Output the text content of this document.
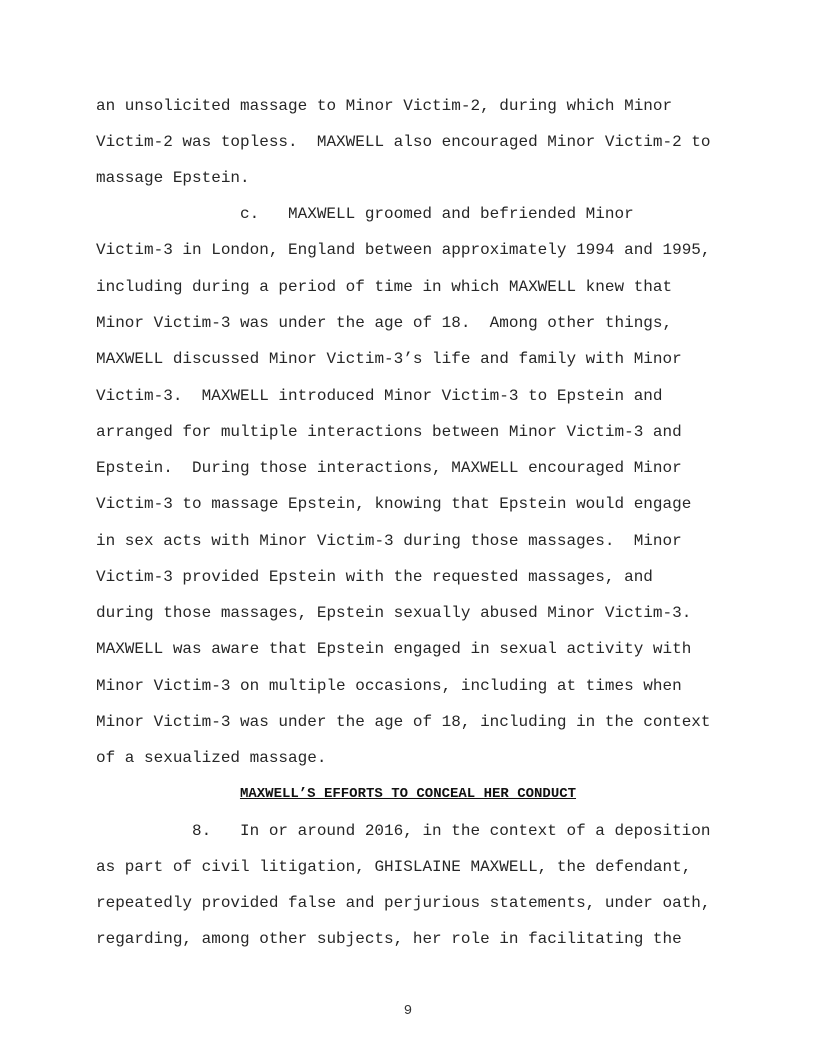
an unsolicited massage to Minor Victim-2, during which Minor
Victim-2 was topless.  MAXWELL also encouraged Minor Victim-2 to
massage Epstein.
c.   MAXWELL groomed and befriended Minor
Victim-3 in London, England between approximately 1994 and 1995,
including during a period of time in which MAXWELL knew that
Minor Victim-3 was under the age of 18.  Among other things,
MAXWELL discussed Minor Victim-3’s life and family with Minor
Victim-3.  MAXWELL introduced Minor Victim-3 to Epstein and
arranged for multiple interactions between Minor Victim-3 and
Epstein.  During those interactions, MAXWELL encouraged Minor
Victim-3 to massage Epstein, knowing that Epstein would engage
in sex acts with Minor Victim-3 during those massages.  Minor
Victim-3 provided Epstein with the requested massages, and
during those massages, Epstein sexually abused Minor Victim-3.
MAXWELL was aware that Epstein engaged in sexual activity with
Minor Victim-3 on multiple occasions, including at times when
Minor Victim-3 was under the age of 18, including in the context
of a sexualized massage.
MAXWELL’S EFFORTS TO CONCEAL HER CONDUCT
8.   In or around 2016, in the context of a deposition
as part of civil litigation, GHISLAINE MAXWELL, the defendant,
repeatedly provided false and perjurious statements, under oath,
regarding, among other subjects, her role in facilitating the
9
